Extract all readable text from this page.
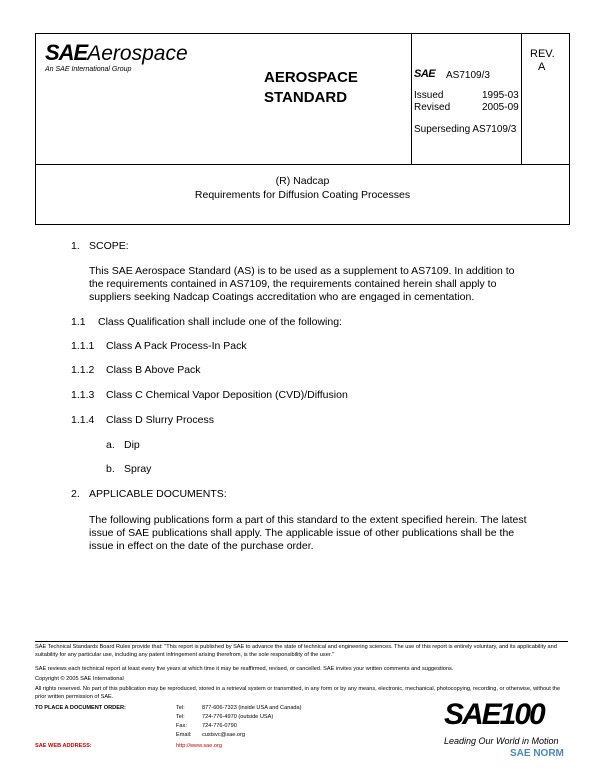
SAEAerospace
An SAE International Group	AEROSPACE
STANDARD
SAE AS7109/3
Issued	1995-03
Revised	2005-09
Superseding AS7109/3
REV.
A
(R) Nadcap
Requirements for Diffusion Coating Processes
1. SCOPE:
This SAE Aerospace Standard (AS) is to be used as a supplement to AS7109. In addition to the requirements contained in AS7109, the requirements contained herein shall apply to suppliers seeking Nadcap Coatings accreditation who are engaged in cementation.
1.1 Class Qualification shall include one of the following:
1.1.1 Class A Pack Process-In Pack
1.1.2 Class B Above Pack
1.1.3 Class C Chemical Vapor Deposition (CVD)/Diffusion
1.1.4 Class D Slurry Process
a. Dip
b. Spray
2. APPLICABLE DOCUMENTS:
The following publications form a part of this standard to the extent specified herein. The latest issue of SAE publications shall apply. The applicable issue of other publications shall be the issue in effect on the date of the purchase order.
SAE Technical Standards Board Rules provide that: "This report is published by SAE to advance the state of technical and engineering sciences. The use of this report is entirely voluntary, and its applicability and suitability for any particular use, including any patent infringement arising therefrom, is the sole responsibility of the user."
SAE reviews each technical report at least every five years at which time it may be reaffirmed, revised, or cancelled. SAE invites your written comments and suggestions.
Copyright © 2005 SAE International
All rights reserved. No part of this publication may be reproduced, stored in a retrieval system or transmitted, in any form or by any means, electronic, mechanical, photocopying, recording, or otherwise, without the prior written permission of SAE.
TO PLACE A DOCUMENT ORDER:	Tel:	877-606-7323 (inside USA and Canada)
Tel:	724-776-4970 (outside USA)
Fax:	724-776-0790
Email: custsvc@sae.org
SAE WEB ADDRESS:	http://www.sae.org
SAE100
Leading Our World in Motion
SAE NORM
